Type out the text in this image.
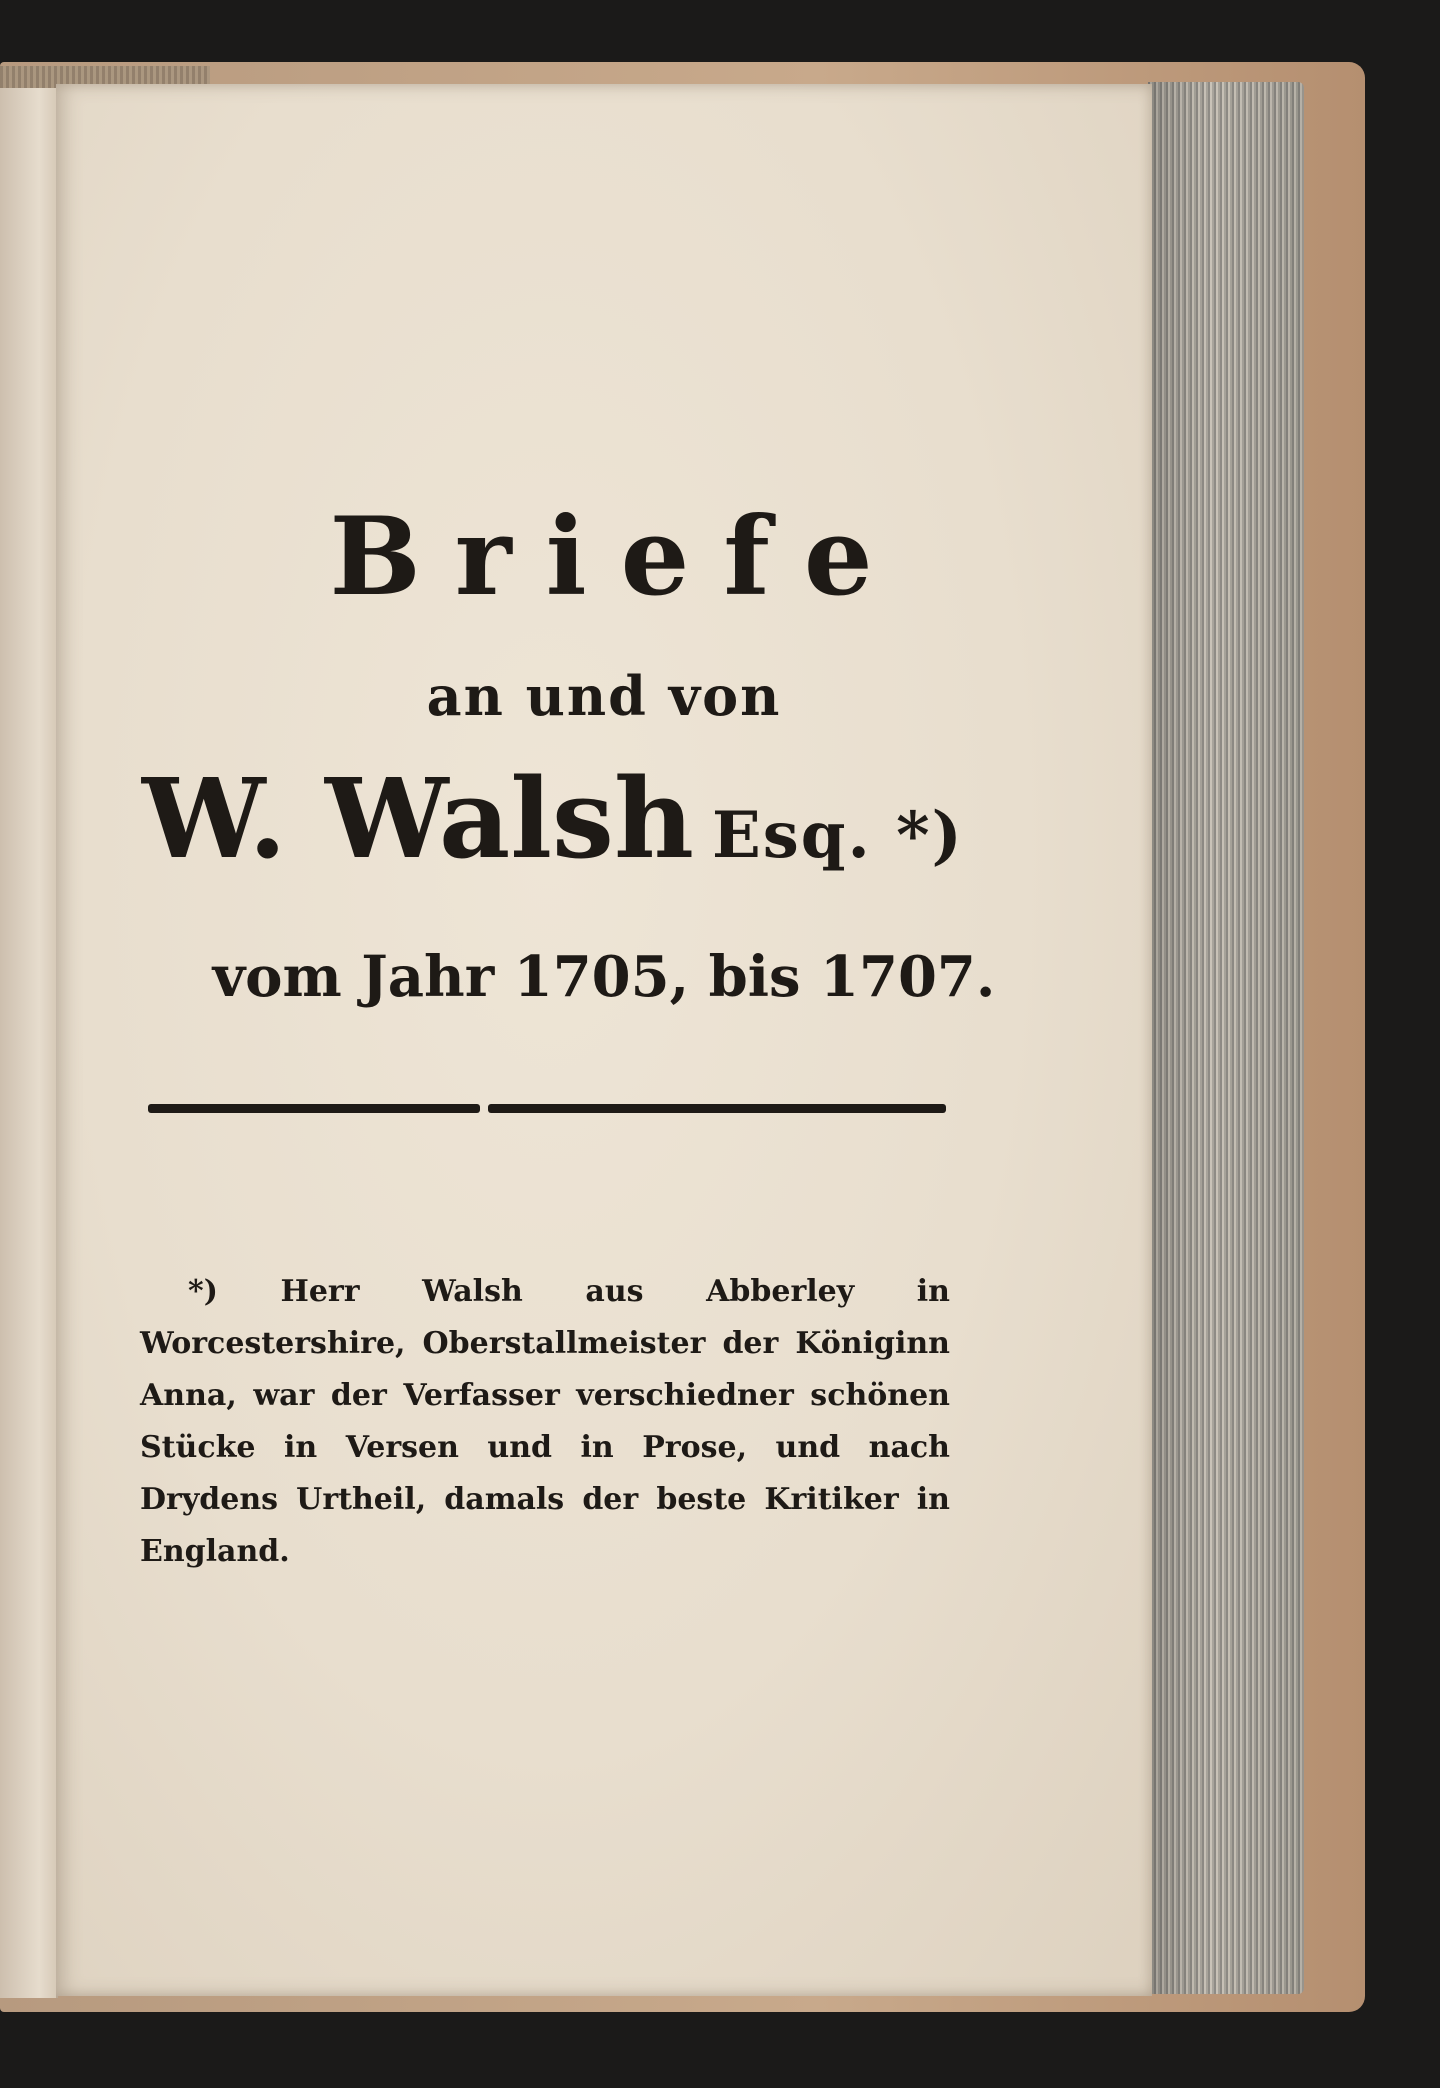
Briefe
an und von
W. Walsh Esq. *)
vom Jahr 1705, bis 1707.

*) Herr Walsh aus Abberley in Worcestershire, Oberstallmeister der Königinn Anna, war der Verfasser verschiedner schönen Stücke in Versen und in Prose, und nach Drydens Urtheil, damals der beste Kritiker in England.
